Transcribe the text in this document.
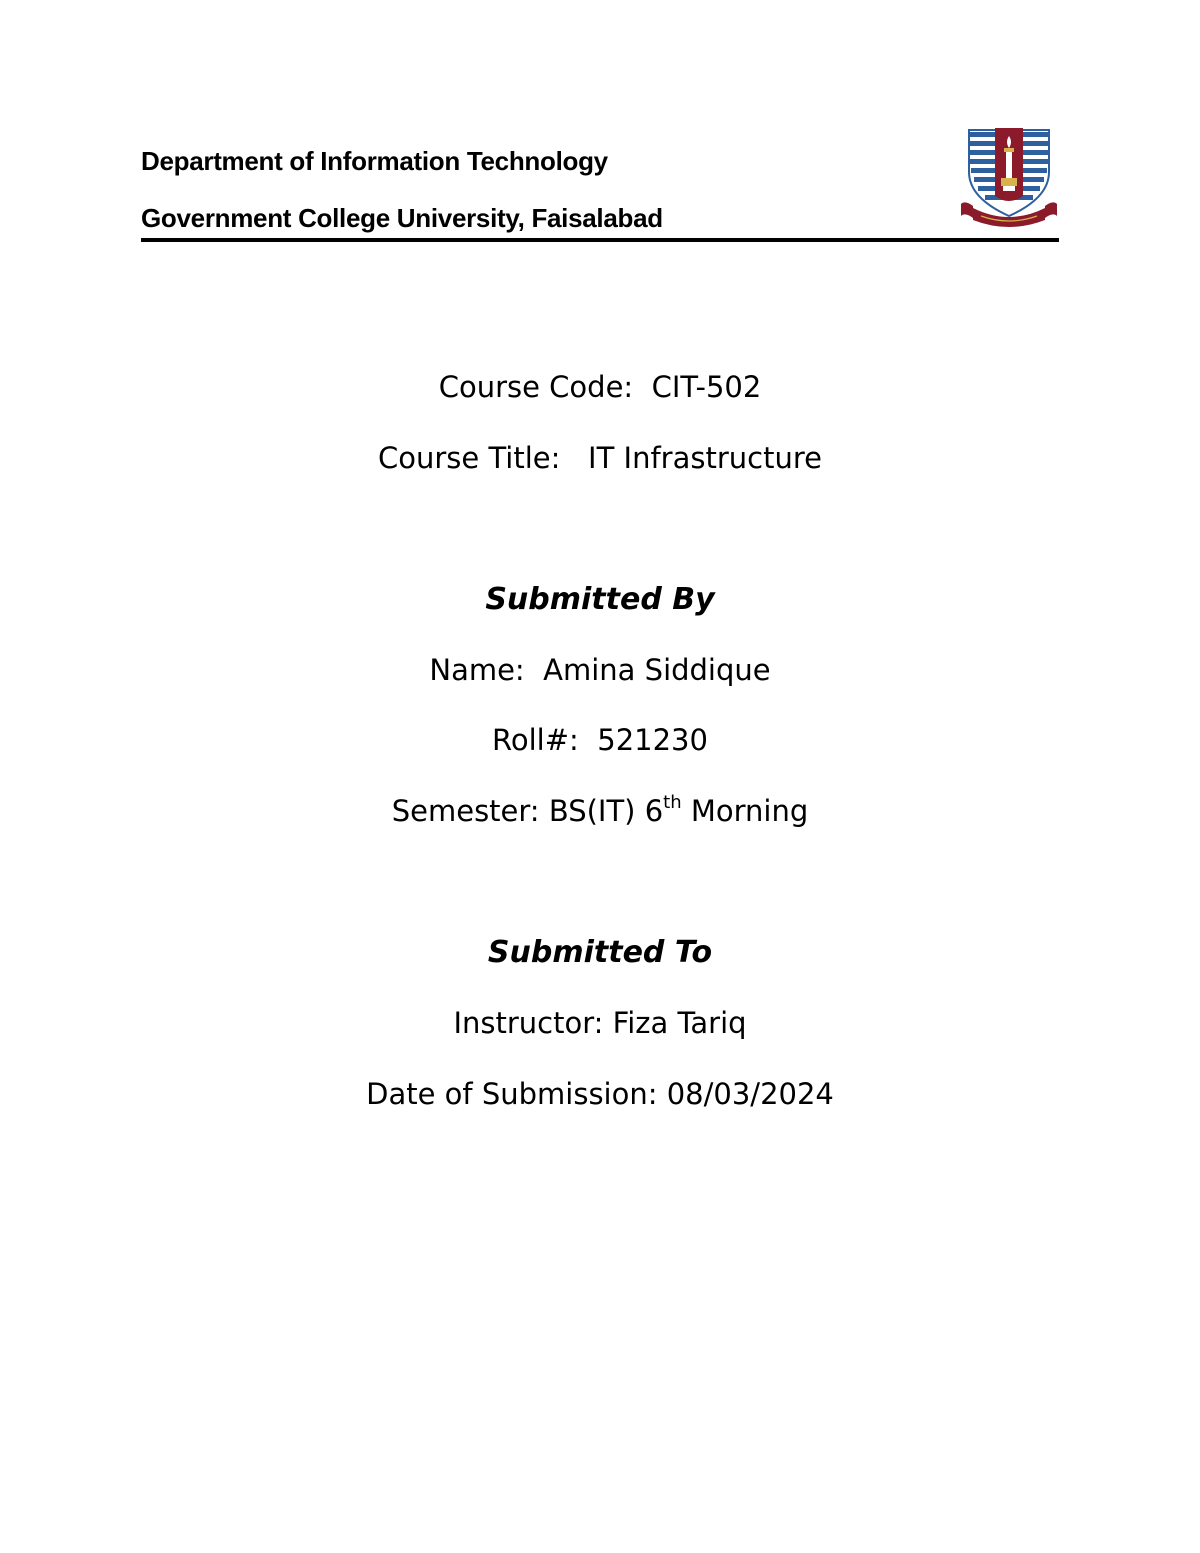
Department of Information Technology
Government College University, Faisalabad
Course Code: CIT-502
Course Title: IT Infrastructure
Submitted By
Name: Amina Siddique
Roll#: 521230
Semester: BS(IT) 6th Morning
Submitted To
Instructor: Fiza Tariq
Date of Submission: 08/03/2024
